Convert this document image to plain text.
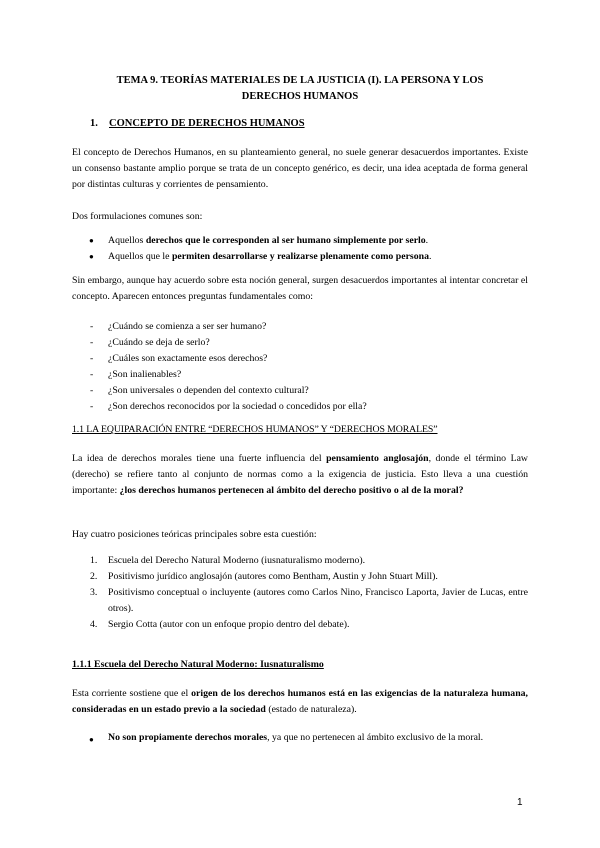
TEMA 9. TEORÍAS MATERIALES DE LA JUSTICIA (I). LA PERSONA Y LOS
DERECHOS HUMANOS
1. CONCEPTO DE DERECHOS HUMANOS
El concepto de Derechos Humanos, en su planteamiento general, no suele generar desacuerdos importantes. Existe un consenso bastante amplio porque se trata de un concepto genérico, es decir, una idea aceptada de forma general por distintas culturas y corrientes de pensamiento.
Dos formulaciones comunes son:
● Aquellos derechos que le corresponden al ser humano simplemente por serlo.
● Aquellos que le permiten desarrollarse y realizarse plenamente como persona.
Sin embargo, aunque hay acuerdo sobre esta noción general, surgen desacuerdos importantes al intentar concretar el concepto. Aparecen entonces preguntas fundamentales como:
- ¿Cuándo se comienza a ser ser humano?
- ¿Cuándo se deja de serlo?
- ¿Cuáles son exactamente esos derechos?
- ¿Son inalienables?
- ¿Son universales o dependen del contexto cultural?
- ¿Son derechos reconocidos por la sociedad o concedidos por ella?
1.1 LA EQUIPARACIÓN ENTRE “DERECHOS HUMANOS” Y “DERECHOS MORALES”
La idea de derechos morales tiene una fuerte influencia del pensamiento anglosajón, donde el término Law (derecho) se refiere tanto al conjunto de normas como a la exigencia de justicia. Esto lleva a una cuestión importante: ¿los derechos humanos pertenecen al ámbito del derecho positivo o al de la moral?
Hay cuatro posiciones teóricas principales sobre esta cuestión:
1. Escuela del Derecho Natural Moderno (iusnaturalismo moderno).
2. Positivismo jurídico anglosajón (autores como Bentham, Austin y John Stuart Mill).
3. Positivismo conceptual o incluyente (autores como Carlos Nino, Francisco Laporta, Javier de Lucas, entre otros).
4. Sergio Cotta (autor con un enfoque propio dentro del debate).
1.1.1 Escuela del Derecho Natural Moderno: Iusnaturalismo
Esta corriente sostiene que el origen de los derechos humanos está en las exigencias de la naturaleza humana, consideradas en un estado previo a la sociedad (estado de naturaleza).
● No son propiamente derechos morales, ya que no pertenecen al ámbito exclusivo de la moral.
1
